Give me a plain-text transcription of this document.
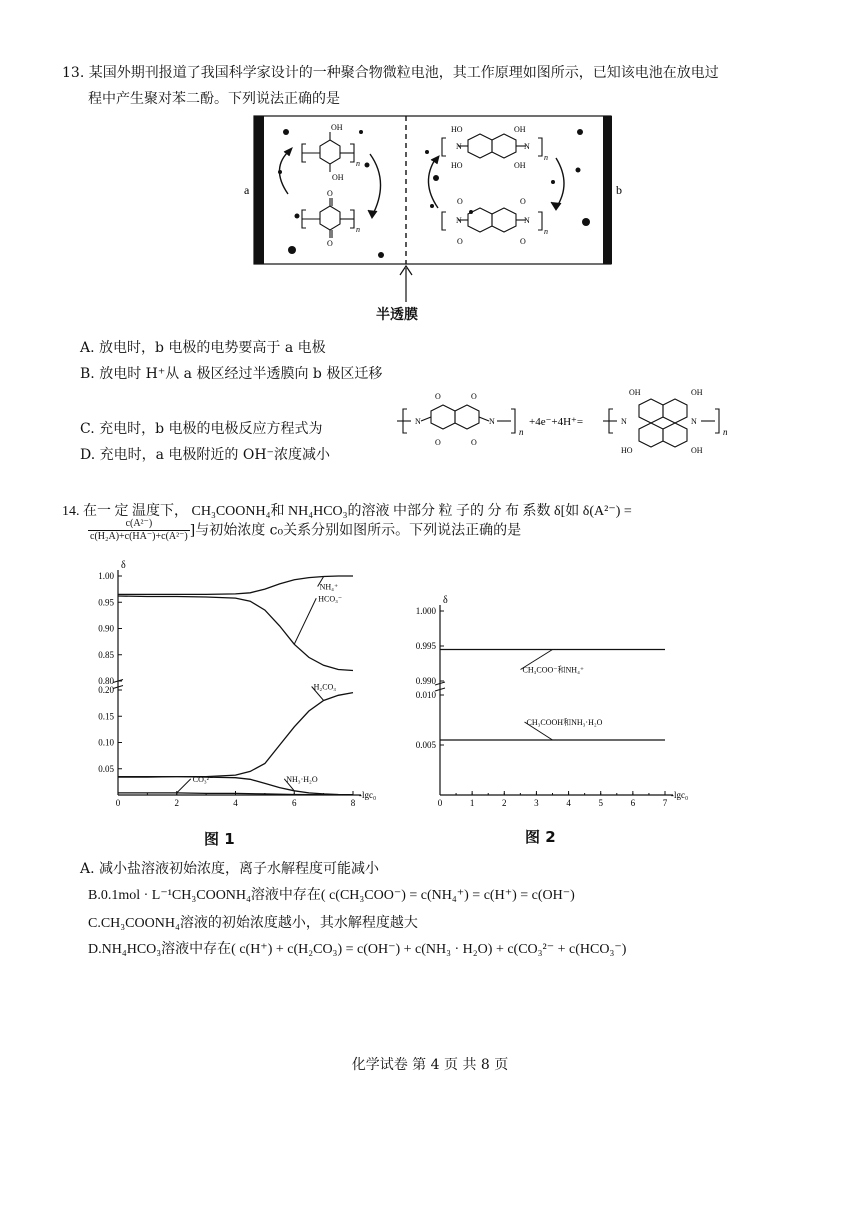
13. 某国外期刊报道了我国科学家设计的一种聚合物微粒电池，其工作原理如图所示，已知该电池在放电过
程中产生聚对苯二酚。下列说法正确的是
a	b
OH
OH
n
O
O
n
HO	OH
HO	OH
N	N
n
O	O
O	O
N	N
n
半透膜
A. 放电时，b 电极的电势要高于 a 电极
B. 放电时 H⁺从 a 极区经过半透膜向 b 极区迁移
C. 充电时，b 电极的电极反应方程式为
O	O
O	O
N	N
n
+4e⁻+4H⁺=
OH	OH
HO	OH
N	N
n
D. 充电时，a 电极附近的 OH⁻浓度减小
14. 在一 定 温度下， CH₃COONH₄和 NH₄HCO₃的溶液 中部分 粒 子的 分 布 系数 δ[如 δ(A²⁻) =
$\frac{\text{c(A²⁻)}}{\text{c(H₂A)+c(HA⁻)+c(A²⁻)}}$ ]与初始浓度 c₀关系分别如图所示。下列说法正确的是
δ
-lgc₀
1.00
0.95
0.90
0.85
0.80
0.20
0.15
0.10
0.05
0	2	4	6	8
NH₄⁺
HCO₃⁻
H₂CO₃
NH₃·H₂O
CO₃²⁻
图 1
δ
-lgc₀
1.000
0.995
0.990
0.010
0.005
0	1	2	3	4	5	6	7
CH₃COO⁻和NH₄⁺
CH₃COOH和NH₃·H₂O
图 2
A. 减小盐溶液初始浓度，离子水解程度可能减小
B.0.1mol · L⁻¹CH₃COONH₄溶液中存在( c(CH₃COO⁻) = c(NH₄⁺) = c(H⁺) = c(OH⁻)
C.CH₃COONH₄溶液的初始浓度越小，其水解程度越大
D.NH₄HCO₃溶液中存在( c(H⁺) + c(H₂CO₃) = c(OH⁻) + c(NH₃ · H₂O) + c(CO₃²⁻ + c(HCO₃⁻)
化学试卷 第 4 页 共 8 页
